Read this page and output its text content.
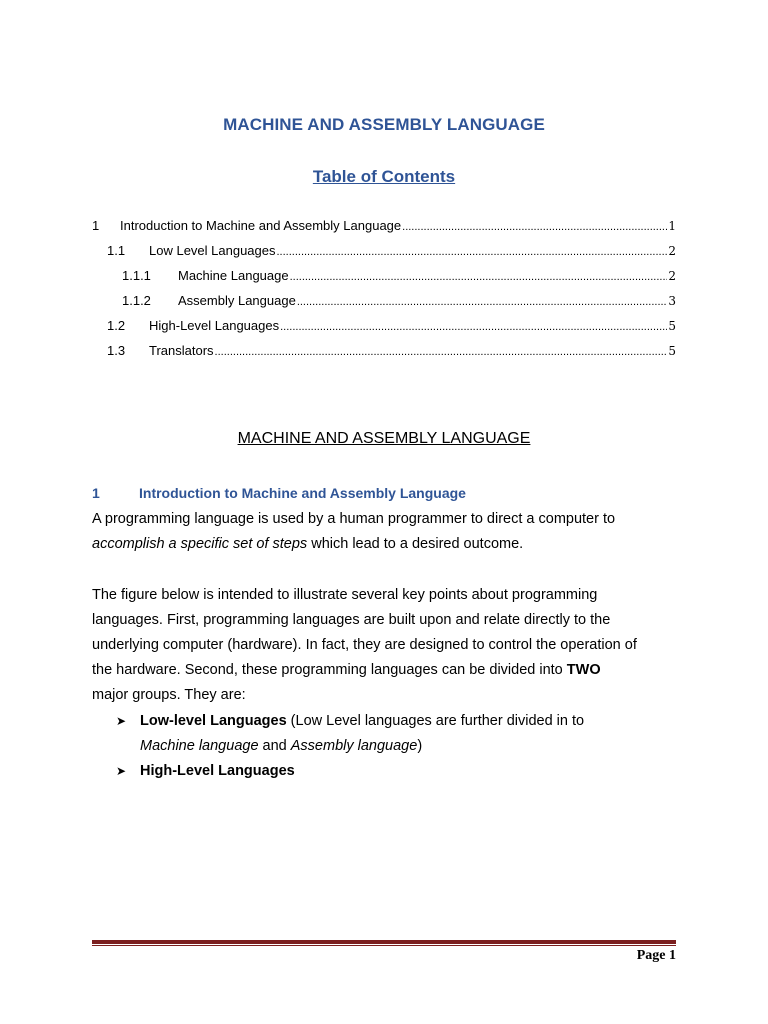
MACHINE AND ASSEMBLY LANGUAGE
Table of Contents
1	Introduction to Machine and Assembly Language .....	1
1.1	Low Level Languages .....	2
1.1.1	Machine Language .....	2
1.1.2	Assembly Language .....	3
1.2	High-Level Languages .....	5
1.3	Translators .....	5
MACHINE AND ASSEMBLY LANGUAGE
1	Introduction to Machine and Assembly Language
A programming language is used by a human programmer to direct a computer to
accomplish a specific set of steps which lead to a desired outcome.
The figure below is intended to illustrate several key points about programming
languages. First, programming languages are built upon and relate directly to the
underlying computer (hardware). In fact, they are designed to control the operation of
the hardware. Second, these programming languages can be divided into TWO
major groups. They are:
➤ Low-level Languages (Low Level languages are further divided in to
Machine language and Assembly language)
➤ High-Level Languages
Page 1
